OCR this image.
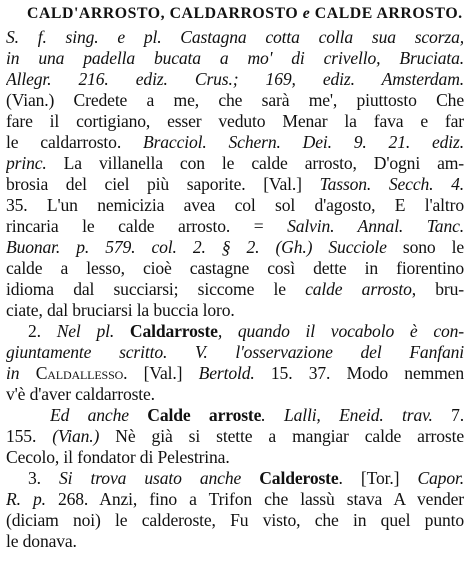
CALD'ARROSTO, CALDARROSTO e CALDE ARROSTO.
S. f. sing. e pl. Castagna cotta colla sua scorza,
in una padella bucata a mo' di crivello, Bruciata.
Allegr. 216. ediz. Crus.; 169, ediz. Amsterdam.
(Vian.) Credete a me, che sarà me', piuttosto Che
fare il cortigiano, esser veduto Menar la fava e far
le caldarrosto. Bracciol. Schern. Dei. 9. 21. ediz.
princ. La villanella con le calde arrosto, D'ogni am-
brosia del ciel più saporite. [Val.] Tasson. Secch. 4.
35. L'un nemicizia avea col sol d'agosto, E l'altro
rincaria le calde arrosto. = Salvin. Annal. Tanc.
Buonar. p. 579. col. 2. § 2. (Gh.) Succiole sono le
calde a lesso, cioè castagne così dette in fiorentino
idioma dal succiarsi; siccome le calde arrosto, bru-
ciate, dal bruciarsi la buccia loro.
2. Nel pl. Caldarroste, quando il vocabolo è con-
giuntamente scritto. V. l'osservazione del Fanfani
in Caldallesso. [Val.] Bertold. 15. 37. Modo nemmen
v'è d'aver caldarroste.
Ed anche Calde arroste. Lalli, Eneid. trav. 7.
155. (Vian.) Nè già si stette a mangiar calde arroste
Cecolo, il fondator di Pelestrina.
3. Si trova usato anche Calderoste. [Tor.] Capor.
R. p. 268. Anzi, fino a Trifon che lassù stava A vender
(diciam noi) le calderoste, Fu visto, che in quel punto
le donava.
